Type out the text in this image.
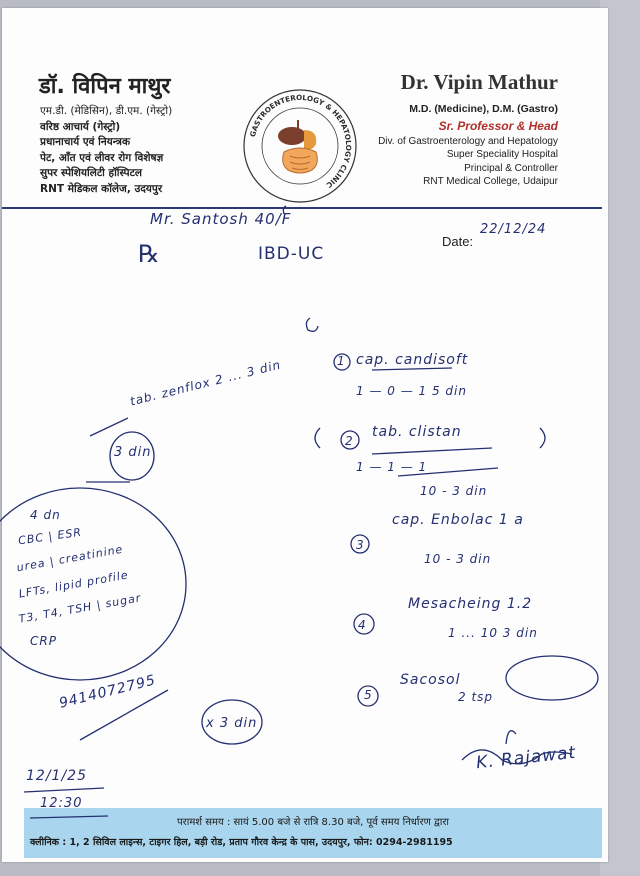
डॉ. विपिन माथुर
एम.डी. (मेडिसिन), डी.एम. (गेस्ट्रो)
वरिष्ठ आचार्य (गेस्ट्रो)
प्रधानाचार्य एवं नियन्त्रक
पेट, आँत एवं लीवर रोग विशेषज्ञ
सुपर स्पेशियलिटी हॉस्पिटल
RNT मेडिकल कॉलेज, उदयपुर
GASTROENTEROLOGY & HEPATOLOGY CLINIC
Dr. Vipin Mathur
M.D. (Medicine), D.M. (Gastro)
Sr. Professor & Head
Div. of Gastroenterology and Hepatology
Super Speciality Hospital
Principal & Controller
RNT Medical College, Udaipur
Date:
परामर्श समय : सायं 5.00 बजे से रात्रि 8.30 बजे, पूर्व समय निर्धारण द्वारा
क्लीनिक : 1, 2 सिविल लाइन्स, टाइगर हिल, बड़ी रोड, प्रताप गौरव केन्द्र के पास, उदयपुर, फोन: 0294-2981195
Mr. Santosh 40/F
℞	IBD-UC
22/12/24
tab. zenflox 2 ... 3 din
3 din
4 dn
CBC | ESR
urea | creatinine
LFTs, lipid profile
T3, T4, TSH | sugar
CRP
9414072795
x 3 din
12/1/25
12:30
1 cap. candisoft
1 — 0 — 1 5 din
2
tab. clistan
1 — 1 — 1
10 - 3 din
3
cap. Enbolac 1 a
10 - 3 din
4
Mesacheing 1.2
1 ... 10 3 din
5
Sacosol
2 tsp
K. Rajawat
